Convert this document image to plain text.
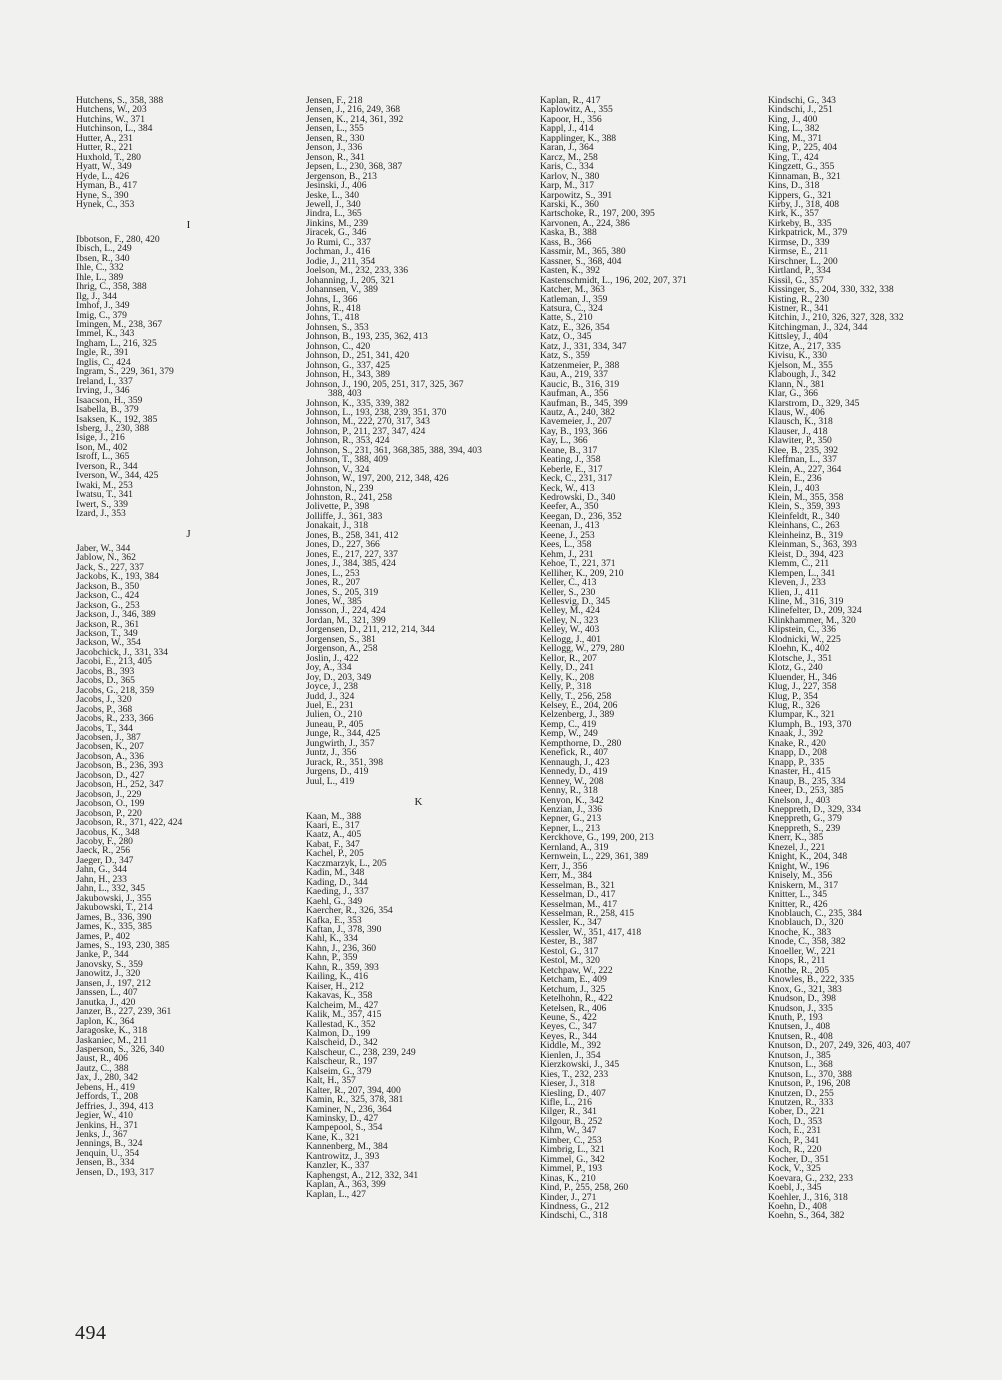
Hutchens, S., 358, 388
Hutchens, W., 203
Hutchins, W., 371
Hutchinson, L., 384
Hutter, A., 231
Hutter, R., 221
Huxhold, T., 280
Hyatt, W., 349
Hyde, L., 426
Hyman, B., 417
Hyne, S., 390
Hynek, C., 353
I
Ibbotson, F., 280, 420
Ibisch, L., 249
Ibsen, R., 340
Ihle, C., 332
Ihle, L., 389
Ihrig, C., 358, 388
Ilg, J., 344
Imhof, J., 349
Imig, C., 379
Imingen, M., 238, 367
Immel, K., 343
Ingham, L., 216, 325
Ingle, R., 391
Inglis, C., 424
Ingram, S., 229, 361, 379
Ireland, I., 337
Irving, J., 346
Isaacson, H., 359
Isabella, B., 379
Isaksen, K., 192, 385
Isberg, J., 230, 388
Isige, J., 216
Ison, M., 402
Isroff, L., 365
Iverson, R., 344
Iverson, W., 344, 425
Iwaki, M., 253
Iwatsu, T., 341
Iwert, S., 339
Izard, J., 353
J
Jaber, W., 344
Jablow, N., 362
Jack, S., 227, 337
Jackobs, K., 193, 384
Jackson, B., 350
Jackson, C., 424
Jackson, G., 253
Jackson, J., 346, 389
Jackson, R., 361
Jackson, T., 349
Jackson, W., 354
Jacobchick, J., 331, 334
Jacobi, E., 213, 405
Jacobs, B., 393
Jacobs, D., 365
Jacobs, G., 218, 359
Jacobs, J., 320
Jacobs, P., 368
Jacobs, R., 233, 366
Jacobs, T., 344
Jacobsen, J., 387
Jacobsen, K., 207
Jacobson, A., 336
Jacobson, B., 236, 393
Jacobson, D., 427
Jacobson, H., 252, 347
Jacobson, J., 229
Jacobson, O., 199
Jacobson, P., 220
Jacobson, R., 371, 422, 424
Jacobus, K., 348
Jacoby, F., 280
Jaeck, R., 256
Jaeger, D., 347
Jahn, G., 344
Jahn, H., 233
Jahn, L., 332, 345
Jakubowski, J., 355
Jakubowski, T., 214
James, B., 336, 390
James, K., 335, 385
James, P., 402
James, S., 193, 230, 385
Janke, P., 344
Janovsky, S., 359
Janowitz, J., 320
Jansen, J., 197, 212
Janssen, L., 407
Janutka, J., 420
Janzer, B., 227, 239, 361
Japlon, K., 364
Jaragoske, K., 318
Jaskaniec, M., 211
Jasperson, S., 326, 340
Jaust, R., 406
Jautz, C., 388
Jax, J., 280, 342
Jebens, H., 419
Jeffords, T., 208
Jeffries, J., 394, 413
Jegier, W., 410
Jenkins, H., 371
Jenks, J., 367
Jennings, B., 324
Jenquin, U., 354
Jensen, B., 334
Jensen, D., 193, 317
Jensen, F., 218
Jensen, J., 216, 249, 368
Jensen, K., 214, 361, 392
Jensen, L., 355
Jensen, R., 330
Jenson, J., 336
Jenson, R., 341
Jepsen, L., 230, 368, 387
Jergenson, B., 213
Jesinski, J., 406
Jeske, L., 340
Jewell, J., 340
Jindra, L., 365
Jinkins, M., 239
Jiracek, G., 346
Jo Rumi, C., 337
Jochman, J., 416
Jodie, J., 211, 354
Joelson, M., 232, 233, 336
Johanning, J., 205, 321
Johannsen, V., 389
Johns, I., 366
Johns, R., 418
Johns, T., 418
Johnsen, S., 353
Johnson, B., 193, 235, 362, 413
Johnson, C., 420
Johnson, D., 251, 341, 420
Johnson, G., 337, 425
Johnson, H., 343, 389
Johnson, J., 190, 205, 251, 317, 325, 367
388, 403
Johnson, K., 335, 339, 382
Johnson, L., 193, 238, 239, 351, 370
Johnson, M., 222, 270, 317, 343
Johnson, P., 211, 237, 347, 424
Johnson, R., 353, 424
Johnson, S., 231, 361, 368,385, 388, 394, 403
Johnson, T., 388, 409
Johnson, V., 324
Johnson, W., 197, 200, 212, 348, 426
Johnston, N., 239
Johnston, R., 241, 258
Jolivette, P., 398
Jolliffe, J., 361, 383
Jonakait, J., 318
Jones, B., 258, 341, 412
Jones, D., 227, 366
Jones, E., 217, 227, 337
Jones, J., 384, 385, 424
Jones, L., 253
Jones, R., 207
Jones, S., 205, 319
Jones, W., 385
Jonsson, J., 224, 424
Jordan, M., 321, 399
Jorgensen, D., 211, 212, 214, 344
Jorgensen, S., 381
Jorgenson, A., 258
Joslin, J., 422
Joy, A., 334
Joy, D., 203, 349
Joyce, J., 238
Judd, J., 324
Juel, E., 231
Julien, O., 210
Juneau, P., 405
Junge, R., 344, 425
Jungwirth, J., 357
Juntz, J., 356
Jurack, R., 351, 398
Jurgens, D., 419
Juul, L., 419
K
Kaan, M., 388
Kaari, E., 317
Kaatz, A., 405
Kabat, F., 347
Kachel, P., 205
Kaczmarzyk, L., 205
Kadin, M., 348
Kading, D., 344
Kaeding, J., 337
Kaehl, G., 349
Kaercher, R., 326, 354
Kafka, E., 353
Kaftan, J., 378, 390
Kahl, K., 334
Kahn, J., 236, 360
Kahn, P., 359
Kahn, R., 359, 393
Kailing, K., 416
Kaiser, H., 212
Kakavas, K., 358
Kalcheim, M., 427
Kalik, M., 357, 415
Kallestad, K., 352
Kalmon, D., 199
Kalscheid, D., 342
Kalscheur, C., 238, 239, 249
Kalscheur, R., 197
Kalseim, G., 379
Kalt, H., 357
Kalter, R., 207, 394, 400
Kamin, R., 325, 378, 381
Kaminer, N., 236, 364
Kaminsky, D., 427
Kampepool, S., 354
Kane, K., 321
Kannenberg, M., 384
Kantrowitz, J., 393
Kanzler, K., 337
Kaphengst, A., 212, 332, 341
Kaplan, A., 363, 399
Kaplan, L., 427
Kaplan, R., 417
Kaplowitz, A., 355
Kapoor, H., 356
Kappl, J., 414
Kapplinger, K., 388
Karan, J., 364
Karcz, M., 258
Karis, C., 334
Karlov, N., 380
Karp, M., 317
Karpowitz, S., 391
Karski, K., 360
Kartschoke, R., 197, 200, 395
Karvonen, A., 224, 386
Kaska, B., 388
Kass, B., 366
Kassmir, M., 365, 380
Kassner, S., 368, 404
Kasten, K., 392
Kastenschmidt, L., 196, 202, 207, 371
Katcher, M., 363
Katleman, J., 359
Katsura, C., 324
Katte, S., 210
Katz, E., 326, 354
Katz, O., 345
Katz, J., 331, 334, 347
Katz, S., 359
Katzenmeier, P., 388
Kau, A., 219, 337
Kaucic, B., 316, 319
Kaufman, A., 356
Kaufman, B., 345, 399
Kautz, A., 240, 382
Kavemeier, J., 207
Kay, B., 193, 366
Kay, L., 366
Keane, B., 317
Keating, J., 358
Keberle, E., 317
Keck, C., 231, 317
Keck, W., 413
Kedrowski, D., 340
Keefer, A., 350
Keegan, D., 236, 352
Keenan, J., 413
Keene, J., 253
Kees, L., 358
Kehm, J., 231
Kehoe, T., 221, 371
Kelliher, K., 209, 210
Keller, C., 413
Keller, S., 230
Kellesvig, D., 345
Kelley, M., 424
Kelley, N., 323
Kelley, W., 403
Kellogg, J., 401
Kellogg, W., 279, 280
Kellor, R., 207
Kelly, D., 241
Kelly, K., 208
Kelly, P., 318
Kelly, T., 256, 258
Kelsey, E., 204, 206
Kelzenberg, J., 389
Kemp, C., 419
Kemp, W., 249
Kempthorne, D., 280
Kenefick, R., 407
Kennaugh, J., 423
Kennedy, D., 419
Kenney, W., 208
Kenny, R., 318
Kenyon, K., 342
Kenzian, J., 336
Kepner, G., 213
Kepner, L., 213
Kerckhove, G., 199, 200, 213
Kernland, A., 319
Kernwein, L., 229, 361, 389
Kerr, J., 356
Kerr, M., 384
Kesselman, B., 321
Kesselman, D., 417
Kesselman, M., 417
Kesselman, R., 258, 415
Kessler, K., 347
Kessler, W., 351, 417, 418
Kester, B., 387
Kestol, G., 317
Kestol, M., 320
Ketchpaw, W., 222
Ketcham, E., 409
Ketchum, J., 325
Ketelhohn, R., 422
Ketelsen, R., 406
Keune, S., 422
Keyes, C., 347
Keyes, R., 344
Kiddle, M., 392
Kienlen, J., 354
Kierzkowski, J., 345
Kies, T., 232, 233
Kieser, J., 318
Kiesling, D., 407
Kifle, L., 216
Kilger, R., 341
Kilgour, B., 252
Kihm, W., 347
Kimber, C., 253
Kimbrig, L., 321
Kimmel, G., 342
Kimmel, P., 193
Kinas, K., 210
Kind, P., 255, 258, 260
Kinder, J., 271
Kindness, G., 212
Kindschi, C., 318
Kindschi, G., 343
Kindschi, J., 251
King, J., 400
King, L., 382
King, M., 371
King, P., 225, 404
King, T., 424
Kingzett, G., 355
Kinnaman, B., 321
Kins, D., 318
Kippers, G., 321
Kirby, J., 318, 408
Kirk, K., 357
Kirkeby, B., 335
Kirkpatrick, M., 379
Kirmse, D., 339
Kirmse, E., 211
Kirschner, L., 200
Kirtland, P., 334
Kissil, G., 357
Kissinger, S., 204, 330, 332, 338
Kisting, R., 230
Kistner, R., 341
Kitchin, J., 210, 326, 327, 328, 332
Kitchingman, J., 324, 344
Kittsley, J., 404
Kitze, A., 217, 335
Kivisu, K., 330
Kjelson, M., 355
Klabough, J., 342
Klann, N., 381
Klar, G., 366
Klarstrom, D., 329, 345
Klaus, W., 406
Klausch, K., 318
Klauser, J., 418
Klawiter, P., 350
Klee, B., 235, 392
Kleffman, L., 337
Klein, A., 227, 364
Klein, E., 236
Klein, J., 403
Klein, M., 355, 358
Klein, S., 359, 393
Kleinfeldt, R., 340
Kleinhans, C., 263
Kleinheinz, B., 319
Kleinman, S., 363, 393
Kleist, D., 394, 423
Klemm, C., 211
Klempen, L., 341
Kleven, J., 233
Klien, J., 411
Kline, M., 316, 319
Klinefelter, D., 209, 324
Klinkhammer, M., 320
Klipstein, C., 336
Klodnicki, W., 225
Kloehn, K., 402
Klotsche, J., 351
Klotz, G., 240
Kluender, H., 346
Klug, J., 227, 358
Klug, P., 354
Klug, R., 326
Klumpar, K., 321
Klumph, B., 193, 370
Knaak, J., 392
Knake, R., 420
Knapp, D., 208
Knapp, P., 335
Knaster, H., 415
Knaup, B., 235, 334
Kneer, D., 253, 385
Knelson, J., 403
Kneppreth, D., 329, 334
Kneppreth, G., 379
Kneppreth, S., 239
Knerr, K., 385
Knezel, J., 221
Knight, K., 204, 348
Knight, W., 196
Knisely, M., 356
Kniskern, M., 317
Knitter, L., 345
Knitter, R., 426
Knoblauch, C., 235, 384
Knoblauch, D., 320
Knoche, K., 383
Knode, C., 358, 382
Knoeller, W., 221
Knops, R., 211
Knothe, R., 205
Knowles, B., 222, 335
Knox, G., 321, 383
Knudson, D., 398
Knudson, J., 335
Knuth, P., 193
Knutsen, J., 408
Knutsen, R., 408
Knutson, D., 207, 249, 326, 403, 407
Knutson, J., 385
Knutson, L., 368
Knutson, L., 370, 388
Knutson, P., 196, 208
Knutzen, D., 255
Knutzen, R., 333
Kober, D., 221
Koch, D., 353
Koch, E., 231
Koch, P., 341
Koch, R., 220
Kocher, D., 351
Kock, V., 325
Koevara, G., 232, 233
Koebl, J., 345
Koehler, J., 316, 318
Koehn, D., 408
Koehn, S., 364, 382
494
